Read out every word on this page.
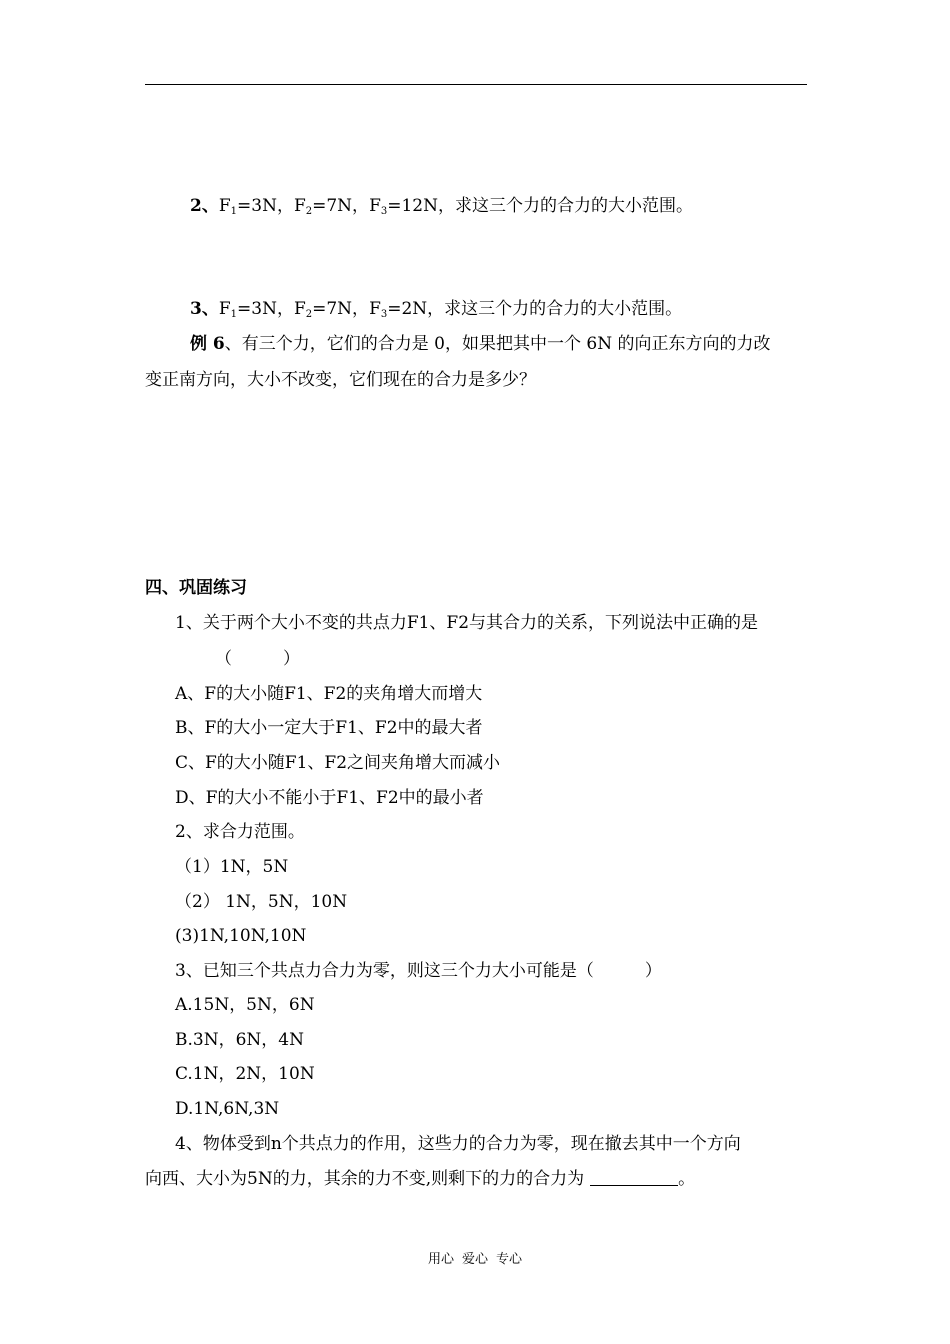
2、$F_1=3N$，$F_2=7N$，$F_3=12N$，求这三个力的合力的大小范围。
3、$F_1=3N$，$F_2=7N$，$F_3=2N$，求这三个力的合力的大小范围。
例 6、有三个力，它们的合力是 0，如果把其中一个 6N 的向正东方向的力改
变正南方向，大小不改变，它们现在的合力是多少？
四、巩固练习
1、关于两个大小不变的共点力F1、F2与其合力的关系，下列说法中正确的是
（　　　）
A、F的大小随F1、F2的夹角增大而增大
B、F的大小一定大于F1、F2中的最大者
C、F的大小随F1、F2之间夹角增大而减小
D、F的大小不能小于F1、F2中的最小者
2、求合力范围。
（1）1N，5N
（2） 1N，5N，10N
(3)1N,10N,10N
3、已知三个共点力合力为零，则这三个力大小可能是（　　　）
A.15N，5N，6N
B.3N，6N，4N
C.1N，2N，10N
D.1N,6N,3N
4、物体受到n个共点力的作用，这些力的合力为零，现在撤去其中一个方向
向西、大小为5N的力，其余的力不变,则剩下的力的合力为	。
用心 爱心 专心
